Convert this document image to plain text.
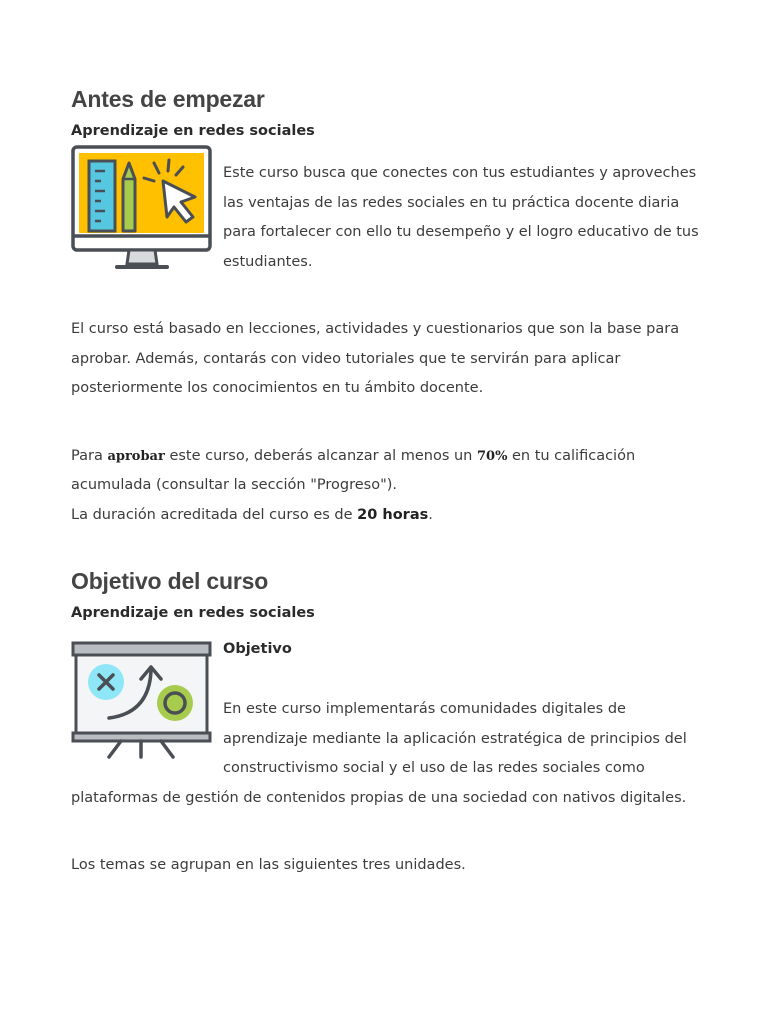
Antes de empezar
Aprendizaje en redes sociales

Este curso busca que conectes con tus estudiantes y aproveches las ventajas de las redes sociales en tu práctica docente diaria para fortalecer con ello tu desempeño y el logro educativo de tus estudiantes.

El curso está basado en lecciones, actividades y cuestionarios que son la base para aprobar. Además, contarás con video tutoriales que te servirán para aplicar posteriormente los conocimientos en tu ámbito docente.

Para aprobar este curso, deberás alcanzar al menos un 70% en tu calificación acumulada (consultar la sección "Progreso").

La duración acreditada del curso es de 20 horas.

Objetivo del curso
Aprendizaje en redes sociales
Objetivo

En este curso implementarás comunidades digitales de aprendizaje mediante la aplicación estratégica de principios del constructivismo social y el uso de las redes sociales como plataformas de gestión de contenidos propias de una sociedad con nativos digitales.

Los temas se agrupan en las siguientes tres unidades.
